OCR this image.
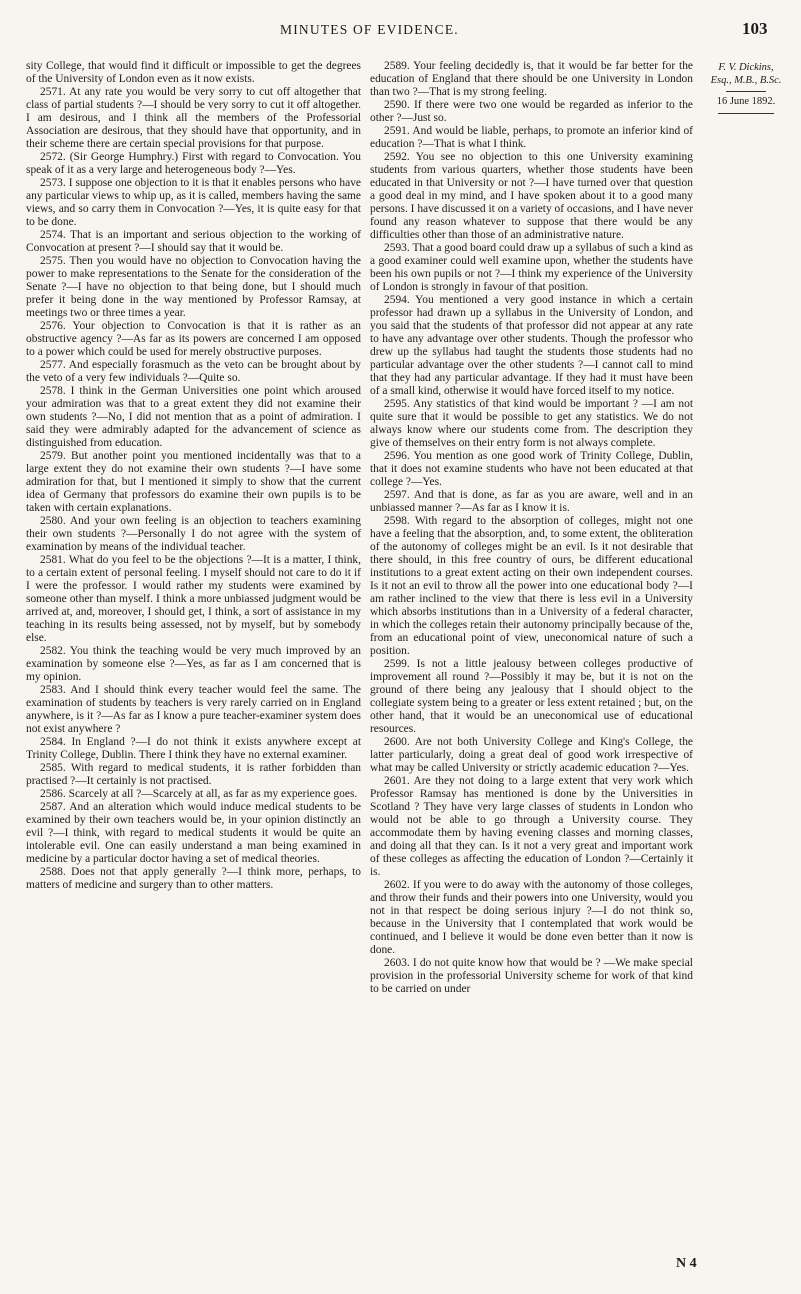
MINUTES OF EVIDENCE.	103

sity College, that would find it difficult or impossible to get the degrees of the University of London even as it now exists.

2571. At any rate you would be very sorry to cut off altogether that class of partial students ?—I should be very sorry to cut it off altogether. I am desirous, and I think all the members of the Professorial Association are desirous, that they should have that opportunity, and in their scheme there are certain special provisions for that purpose.

2572. (Sir George Humphry.) First with regard to Convocation. You speak of it as a very large and heterogeneous body ?—Yes.

2573. I suppose one objection to it is that it enables persons who have any particular views to whip up, as it is called, members having the same views, and so carry them in Convocation ?—Yes, it is quite easy for that to be done.

2574. That is an important and serious objection to the working of Convocation at present ?—I should say that it would be.

2575. Then you would have no objection to Convocation having the power to make representations to the Senate for the consideration of the Senate ?—I have no objection to that being done, but I should much prefer it being done in the way mentioned by Professor Ramsay, at meetings two or three times a year.

2576. Your objection to Convocation is that it is rather as an obstructive agency ?—As far as its powers are concerned I am opposed to a power which could be used for merely obstructive purposes.

2577. And especially forasmuch as the veto can be brought about by the veto of a very few individuals ?—Quite so.

2578. I think in the German Universities one point which aroused your admiration was that to a great extent they did not examine their own students ?—No, I did not mention that as a point of admiration. I said they were admirably adapted for the advancement of science as distinguished from education.

2579. But another point you mentioned incidentally was that to a large extent they do not examine their own students ?—I have some admiration for that, but I mentioned it simply to show that the current idea of Germany that professors do examine their own pupils is to be taken with certain explanations.

2580. And your own feeling is an objection to teachers examining their own students ?—Personally I do not agree with the system of examination by means of the individual teacher.

2581. What do you feel to be the objections ?—It is a matter, I think, to a certain extent of personal feeling. I myself should not care to do it if I were the professor. I would rather my students were examined by someone other than myself. I think a more unbiassed judgment would be arrived at, and, moreover, I should get, I think, a sort of assistance in my teaching in its results being assessed, not by myself, but by somebody else.

2582. You think the teaching would be very much improved by an examination by someone else ?—Yes, as far as I am concerned that is my opinion.

2583. And I should think every teacher would feel the same. The examination of students by teachers is very rarely carried on in England anywhere, is it ?—As far as I know a pure teacher-examiner system does not exist anywhere ?

2584. In England ?—I do not think it exists anywhere except at Trinity College, Dublin. There I think they have no external examiner.

2585. With regard to medical students, it is rather forbidden than practised ?—It certainly is not practised.

2586. Scarcely at all ?—Scarcely at all, as far as my experience goes.

2587. And an alteration which would induce medical students to be examined by their own teachers would be, in your opinion distinctly an evil ?—I think, with regard to medical students it would be quite an intolerable evil. One can easily understand a man being examined in medicine by a particular doctor having a set of medical theories.

2588. Does not that apply generally ?—I think more, perhaps, to matters of medicine and surgery than to other matters.

2589. Your feeling decidedly is, that it would be far better for the education of England that there should be one University in London than two ?—That is my strong feeling.

2590. If there were two one would be regarded as inferior to the other ?—Just so.

2591. And would be liable, perhaps, to promote an inferior kind of education ?—That is what I think.

2592. You see no objection to this one University examining students from various quarters, whether those students have been educated in that University or not ?—I have turned over that question a good deal in my mind, and I have spoken about it to a good many persons. I have discussed it on a variety of occasions, and I have never found any reason whatever to suppose that there would be any difficulties other than those of an administrative nature.

2593. That a good board could draw up a syllabus of such a kind as a good examiner could well examine upon, whether the students have been his own pupils or not ?—I think my experience of the University of London is strongly in favour of that position.

2594. You mentioned a very good instance in which a certain professor had drawn up a syllabus in the University of London, and you said that the students of that professor did not appear at any rate to have any advantage over other students. Though the professor who drew up the syllabus had taught the students those students had no particular advantage over the other students ?—I cannot call to mind that they had any particular advantage. If they had it must have been of a small kind, otherwise it would have forced itself to my notice.

2595. Any statistics of that kind would be important ? —I am not quite sure that it would be possible to get any statistics. We do not always know where our students come from. The description they give of themselves on their entry form is not always complete.

2596. You mention as one good work of Trinity College, Dublin, that it does not examine students who have not been educated at that college ?—Yes.

2597. And that is done, as far as you are aware, well and in an unbiassed manner ?—As far as I know it is.

2598. With regard to the absorption of colleges, might not one have a feeling that the absorption, and, to some extent, the obliteration of the autonomy of colleges might be an evil. Is it not desirable that there should, in this free country of ours, be different educational institutions to a great extent acting on their own independent courses. Is it not an evil to throw all the power into one educational body ?—I am rather inclined to the view that there is less evil in a University which absorbs institutions than in a University of a federal character, in which the colleges retain their autonomy principally because of the, from an educational point of view, uneconomical nature of such a position.

2599. Is not a little jealousy between colleges productive of improvement all round ?—Possibly it may be, but it is not on the ground of there being any jealousy that I should object to the collegiate system being to a greater or less extent retained ; but, on the other hand, that it would be an uneconomical use of educational resources.

2600. Are not both University College and King's College, the latter particularly, doing a great deal of good work irrespective of what may be called University or strictly academic education ?—Yes.

2601. Are they not doing to a large extent that very work which Professor Ramsay has mentioned is done by the Universities in Scotland ? They have very large classes of students in London who would not be able to go through a University course. They accommodate them by having evening classes and morning classes, and doing all that they can. Is it not a very great and important work of these colleges as affecting the education of London ?—Certainly it is.

2602. If you were to do away with the autonomy of those colleges, and throw their funds and their powers into one University, would you not in that respect be doing serious injury ?—I do not think so, because in the University that I contemplated that work would be continued, and I believe it would be done even better than it now is done.

2603. I do not quite know how that would be ? —We make special provision in the professorial University scheme for work of that kind to be carried on under

F. V. Dickins,
Esq., M.B., B.Sc.
16 June 1892.
N 4
